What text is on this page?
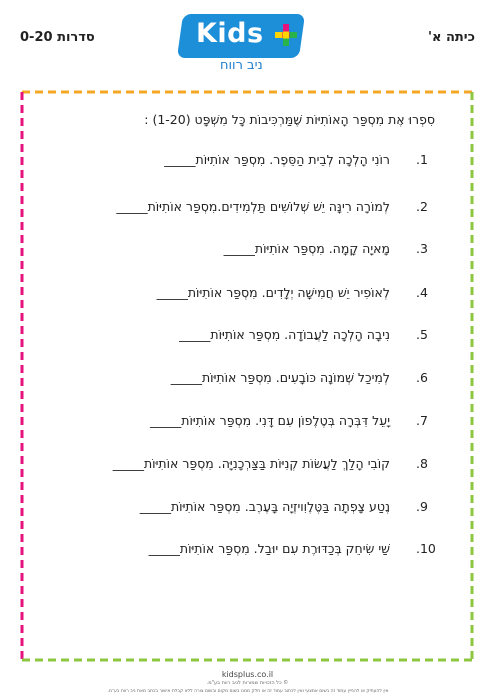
סדרות 0-20	כיתה א'
Kids
ניב רווח
סִפְרוּ אֶת מִסְפַּר הָאוֹתִיּוֹת שֶׁמַּרְכִּיבוֹת כָּל מִשְׁפָּט (1-20) :
1.
רוֹנִי הָלְכָה לְבֵית הַסֵּפֶר. מִסְפַּר אוֹתִיּוֹת_____
2.
לְמוֹרָה רִינָּה יֵשׁ שְׁלוֹשִׁים תַּלְמִידִים.מִסְפַּר אוֹתִיּוֹת_____
3.
מָאיָה קָמָה. מִסְפַּר אוֹתִיּוֹת_____
4.
לְאוֹפִיר יֵשׁ חֲמִישָּׁה יְלָדִים. מִסְפַּר אוֹתִיּוֹת_____
5.
נִיבָה הָלְכָה לַעֲבוֹדָה. מִסְפַּר אוֹתִיּוֹת_____
6.
לְמִיכַל שְׁמוֹנָה כּוֹבָעִים. מִסְפַּר אוֹתִיּוֹת_____
7.
יָעֵל דִּבְּרָה בְּטֶלֶפוֹן עִם דָּנִי. מִסְפַּר אוֹתִיּוֹת_____
8.
קוֹבִי הָלַךְ לַעֲשׂוֹת קְנִיּוֹת בַּצַּרְכָנִיָּה. מִסְפַּר אוֹתִיּוֹת_____
9.
נֶטַע צָפְתָה בַּטֶּלֶוִויזְיָה בָּעֶרֶב. מִסְפַּר אוֹתִיּוֹת_____
10.
שַׁי שִׂיחֵק בְּכַדּוּרֶת עִם יוּבַל. מִסְפַּר אוֹתִיּוֹת_____
kidsplus.co.il
© כל הזכויות שמורות לניב רווח בע"מ.
אין להעתיק או להפיץ עמוד זה בשום אמצעי ואין לכתוב עמוד זה או חלק ממנו בשום מקום ובשום צורה ללא קבלת אישור בכתב מאת ניב רווח בע"מ.
